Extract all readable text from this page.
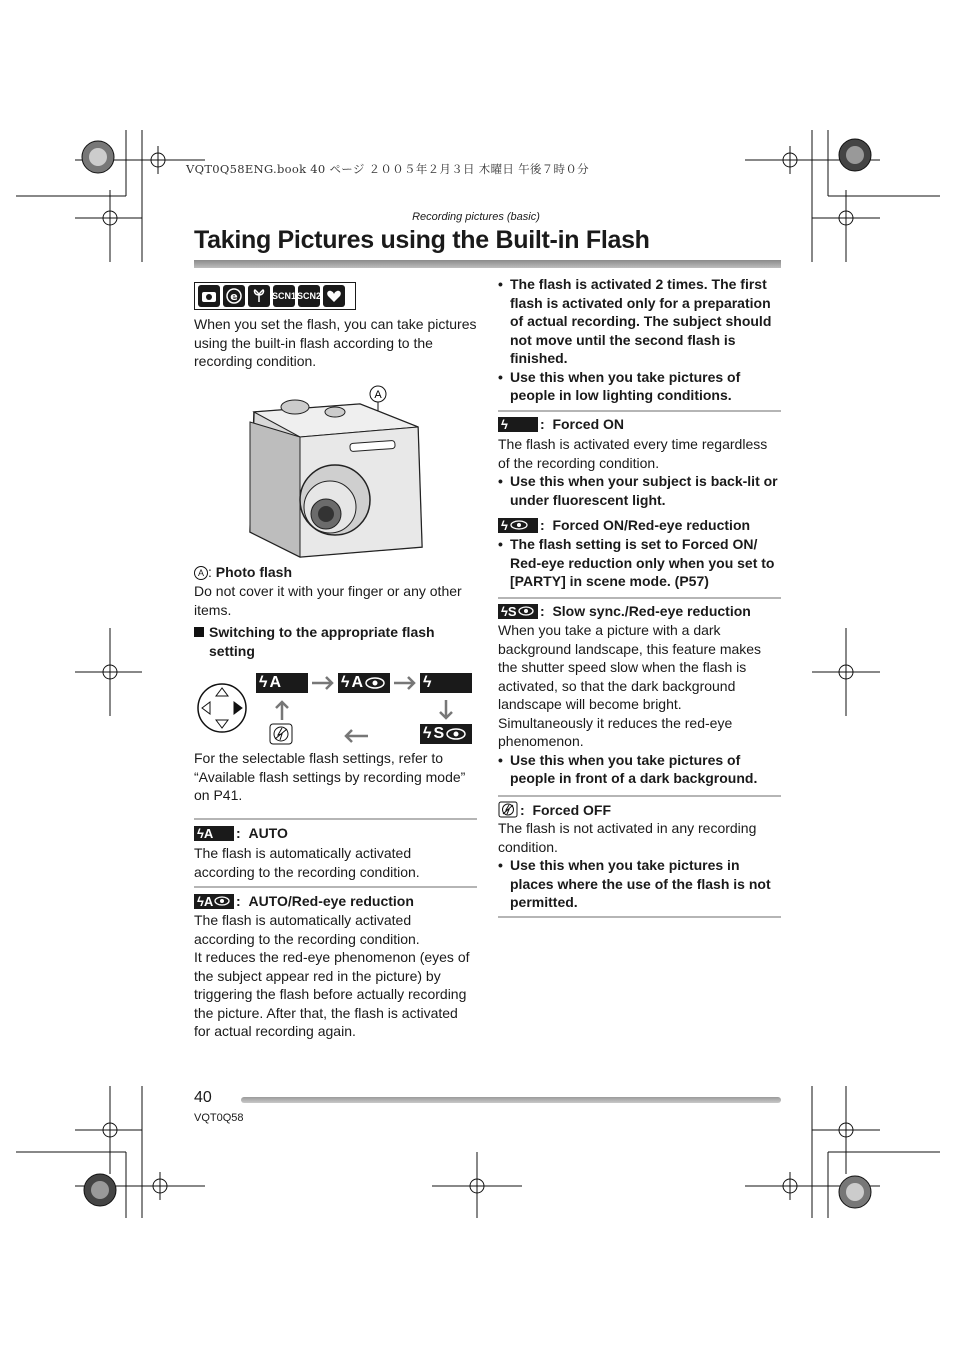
VQT0Q58ENG.book 40 ページ ２００５年２月３日 木曜日 午後７時０分
Recording pictures (basic)
Taking Pictures using the Built-in Flash
e	SCN1 SCN2
When you set the flash, you can take pictures using the built-in flash according to the recording condition.
A
A : Photo flash
Do not cover it with your finger or any other items.
Switching to the appropriate flash setting
ϟ A	ϟ A	ϟ
ϟ S
For the selectable flash settings, refer to “Available flash settings by recording mode” on P41.
ϟ A : AUTO
The flash is automatically activated according to the recording condition.
ϟ A : AUTO/Red-eye reduction
The flash is automatically activated according to the recording condition.
It reduces the red-eye phenomenon (eyes of the subject appear red in the picture) by triggering the flash before actually recording the picture. After that, the flash is activated for actual recording again.
• The flash is activated 2 times. The first flash is activated only for a preparation of actual recording. The subject should not move until the second flash is finished.
• Use this when you take pictures of people in low lighting conditions.
ϟ : Forced ON
The flash is activated every time regardless of the recording condition.
• Use this when your subject is back-lit or under fluorescent light.
ϟ : Forced ON/Red-eye reduction
• The flash setting is set to Forced ON/ Red-eye reduction only when you set to [PARTY] in scene mode. (P57)
ϟ S : Slow sync./Red-eye reduction
When you take a picture with a dark background landscape, this feature makes the shutter speed slow when the flash is activated, so that the dark background landscape will become bright.
Simultaneously it reduces the red-eye phenomenon.
• Use this when you take pictures of people in front of a dark background.
: Forced OFF
The flash is not activated in any recording condition.
• Use this when you take pictures in places where the use of the flash is not permitted.
40
VQT0Q58
